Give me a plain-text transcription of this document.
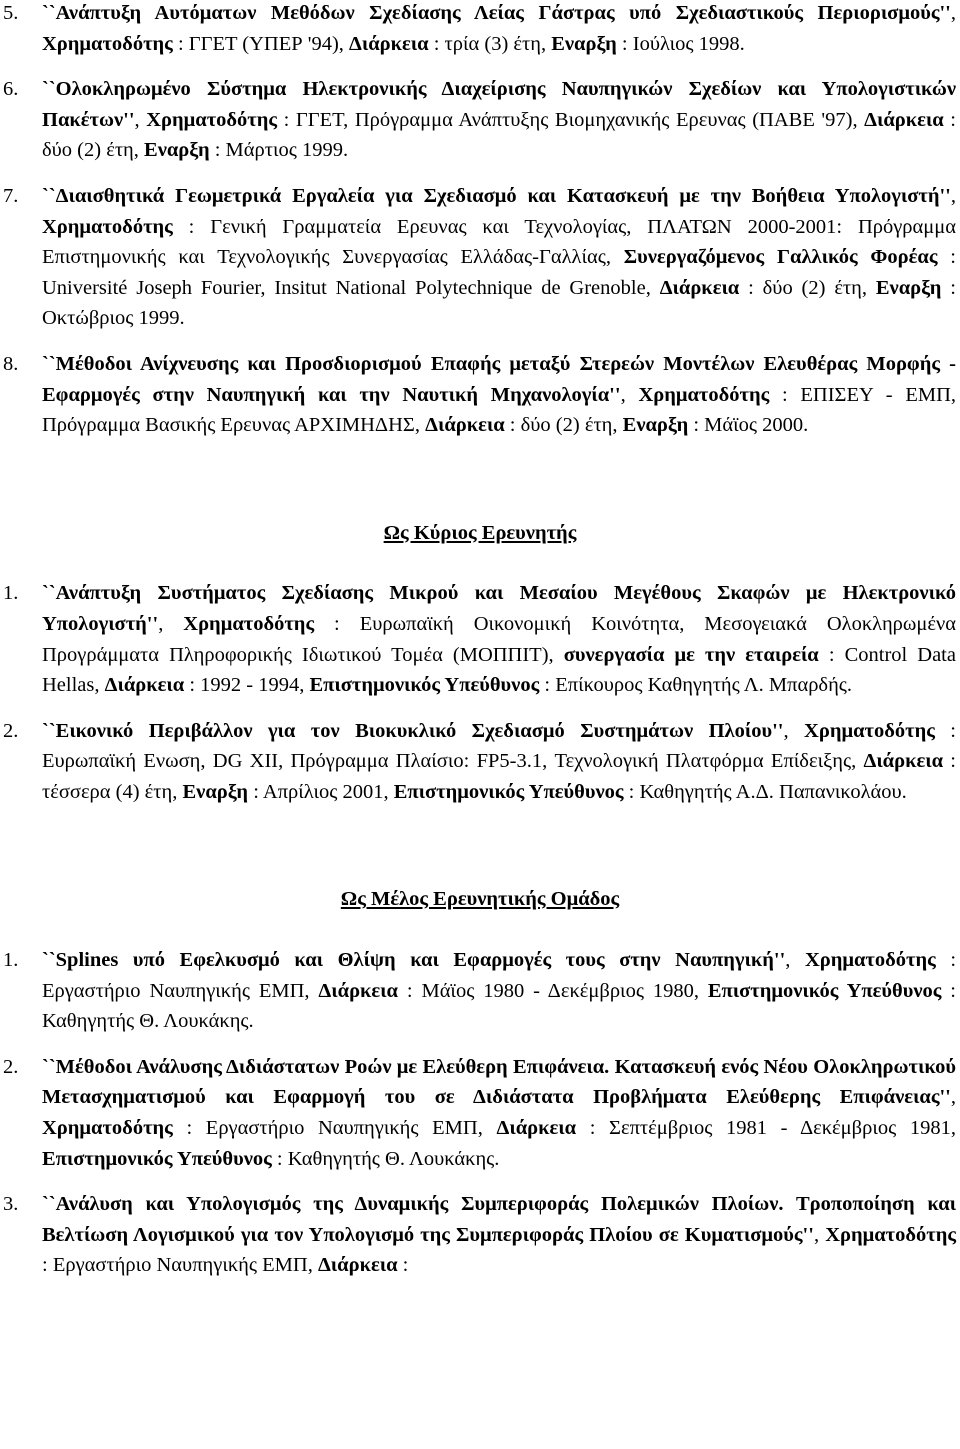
5. ``Ανάπτυξη Αυτόματων Μεθόδων Σχεδίασης Λείας Γάστρας υπό Σχεδιαστικούς Περιορισμούς'', Χρηματοδότης : ΓΓΕΤ (ΥΠΕΡ '94), Διάρκεια : τρία (3) έτη, Εναρξη : Ιούλιος 1998.
6. ``Ολοκληρωμένο Σύστημα Ηλεκτρονικής Διαχείρισης Ναυπηγικών Σχεδίων και Υπολογιστικών Πακέτων'', Χρηματοδότης : ΓΓΕΤ, Πρόγραμμα Ανάπτυξης Βιομηχανικής Ερευνας (ΠΑΒΕ '97), Διάρκεια : δύο (2) έτη, Εναρξη : Μάρτιος 1999.
7. ``Διαισθητικά Γεωμετρικά Εργαλεία για Σχεδιασμό και Κατασκευή με την Βοήθεια Υπολογιστή'', Χρηματοδότης : Γενική Γραμματεία Ερευνας και Τεχνολογίας, ΠΛΑΤΩΝ 2000-2001: Πρόγραμμα Επιστημονικής και Τεχνολογικής Συνεργασίας Ελλάδας-Γαλλίας, Συνεργαζόμενος Γαλλικός Φορέας : Université Joseph Fourier, Insitut National Polytechnique de Grenoble, Διάρκεια : δύο (2) έτη, Εναρξη : Οκτώβριος 1999.
8. ``Μέθοδοι Ανίχνευσης και Προσδιορισμού Επαφής μεταξύ Στερεών Μοντέλων Ελευθέρας Μορφής - Εφαρμογές στην Ναυπηγική και την Ναυτική Μηχανολογία'', Χρηματοδότης : ΕΠΙΣΕΥ - ΕΜΠ, Πρόγραμμα Βασικής Ερευνας ΑΡΧΙΜΗΔΗΣ, Διάρκεια : δύο (2) έτη, Εναρξη : Μάϊος 2000.
Ως Κύριος Ερευνητής
1. ``Ανάπτυξη Συστήματος Σχεδίασης Μικρού και Μεσαίου Μεγέθους Σκαφών με Ηλεκτρονικό Υπολογιστή'', Χρηματοδότης : Ευρωπαϊκή Οικονομική Κοινότητα, Μεσογειακά Ολοκληρωμένα Προγράμματα Πληροφορικής Ιδιωτικού Τομέα (ΜΟΠΠΙΤ), συνεργασία με την εταιρεία : Control Data Hellas, Διάρκεια : 1992 - 1994, Επιστημονικός Υπεύθυνος : Επίκουρος Καθηγητής Λ. Μπαρδής.
2. ``Εικονικό Περιβάλλον για τον Βιοκυκλικό Σχεδιασμό Συστημάτων Πλοίου'', Χρηματοδότης : Ευρωπαϊκή Ενωση, DG XII, Πρόγραμμα Πλαίσιο: FP5-3.1, Τεχνολογική Πλατφόρμα Επίδειξης, Διάρκεια : τέσσερα (4) έτη, Εναρξη : Απρίλιος 2001, Επιστημονικός Υπεύθυνος : Καθηγητής Α.Δ. Παπανικολάου.
Ως Μέλος Ερευνητικής Ομάδος
1. ``Splines υπό Εφελκυσμό και Θλίψη και Εφαρμογές τους στην Ναυπηγική'', Χρηματοδότης : Εργαστήριο Ναυπηγικής ΕΜΠ, Διάρκεια : Μάϊος 1980 - Δεκέμβριος 1980, Επιστημονικός Υπεύθυνος : Καθηγητής Θ. Λουκάκης.
2. ``Μέθοδοι Ανάλυσης Διδιάστατων Ροών με Ελεύθερη Επιφάνεια. Κατασκευή ενός Νέου Ολοκληρωτικού Μετασχηματισμού και Εφαρμογή του σε Διδιάστατα Προβλήματα Ελεύθερης Επιφάνειας'', Χρηματοδότης : Εργαστήριο Ναυπηγικής ΕΜΠ, Διάρκεια : Σεπτέμβριος 1981 - Δεκέμβριος 1981, Επιστημονικός Υπεύθυνος : Καθηγητής Θ. Λουκάκης.
3. ``Ανάλυση και Υπολογισμός της Δυναμικής Συμπεριφοράς Πολεμικών Πλοίων. Τροποποίηση και Βελτίωση Λογισμικού για τον Υπολογισμό της Συμπεριφοράς Πλοίου σε Κυματισμούς'', Χρηματοδότης : Εργαστήριο Ναυπηγικής ΕΜΠ, Διάρκεια :
